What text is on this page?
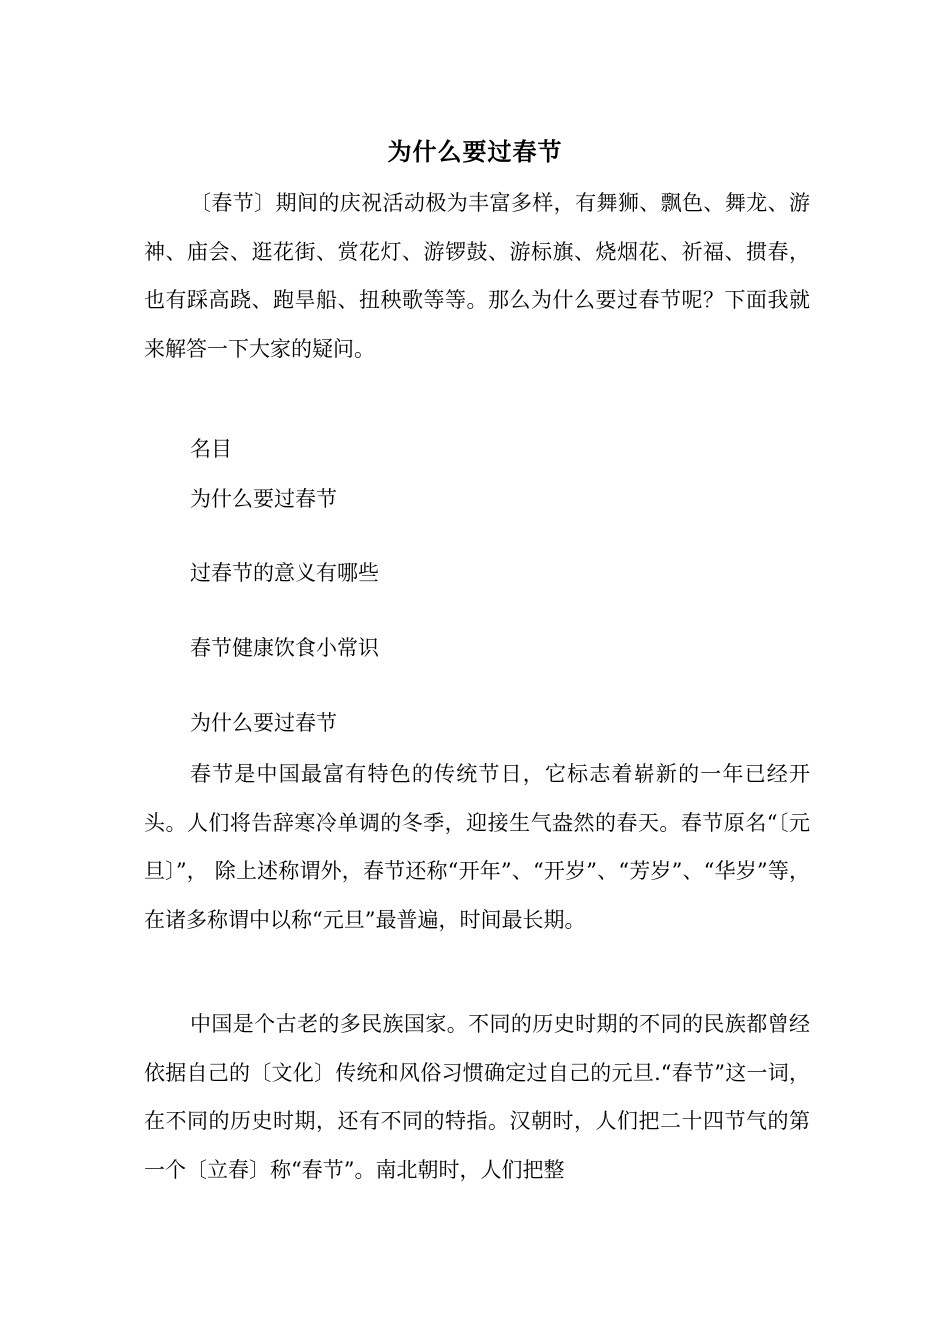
为什么要过春节

〔春节〕期间的庆祝活动极为丰富多样，有舞狮、飘色、舞龙、游神、庙会、逛花街、赏花灯、游锣鼓、游标旗、烧烟花、祈福、掼春，也有踩高跷、跑旱船、扭秧歌等等。那么为什么要过春节呢？下面我就来解答一下大家的疑问。

名目
为什么要过春节
过春节的意义有哪些
春节健康饮食小常识
为什么要过春节

春节是中国最富有特色的传统节日，它标志着崭新的一年已经开头。人们将告辞寒冷单调的冬季，迎接生气盎然的春天。春节原名“〔元旦〕”， 除上述称谓外，春节还称“开年”、“开岁”、“芳岁”、“华岁”等，在诸多称谓中以称“元旦”最普遍，时间最长期。

中国是个古老的多民族国家。不同的历史时期的不同的民族都曾经依据自己的〔文化〕传统和风俗习惯确定过自己的元旦.“春节”这一词，在不同的历史时期，还有不同的特指。汉朝时，人们把二十四节气的第一个〔立春〕称“春节”。南北朝时，人们把整
